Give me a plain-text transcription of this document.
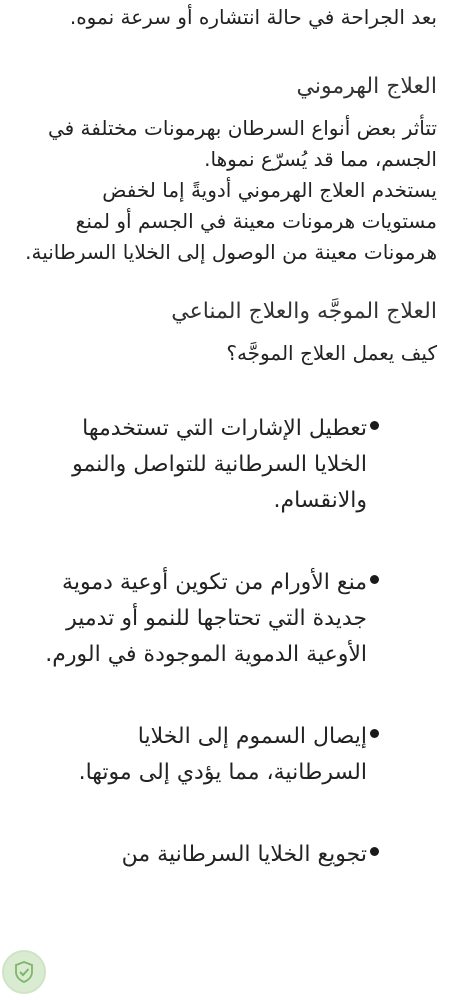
بعد الجراحة في حالة انتشاره أو سرعة نموه.

العلاج الهرموني

تتأثر بعض أنواع السرطان بهرمونات مختلفة في الجسم، مما قد يُسرّع نموها.

يستخدم العلاج الهرموني أدويةً إما لخفض مستويات هرمونات معينة في الجسم أو لمنع هرمونات معينة من الوصول إلى الخلايا السرطانية.

العلاج الموجَّه والعلاج المناعي

كيف يعمل العلاج الموجَّه؟

تعطيل الإشارات التي تستخدمها الخلايا السرطانية للتواصل والنمو والانقسام.
منع الأورام من تكوين أوعية دموية جديدة التي تحتاجها للنمو أو تدمير الأوعية الدموية الموجودة في الورم.
إيصال السموم إلى الخلايا السرطانية، مما يؤدي إلى موتها.
تجويع الخلايا السرطانية من
